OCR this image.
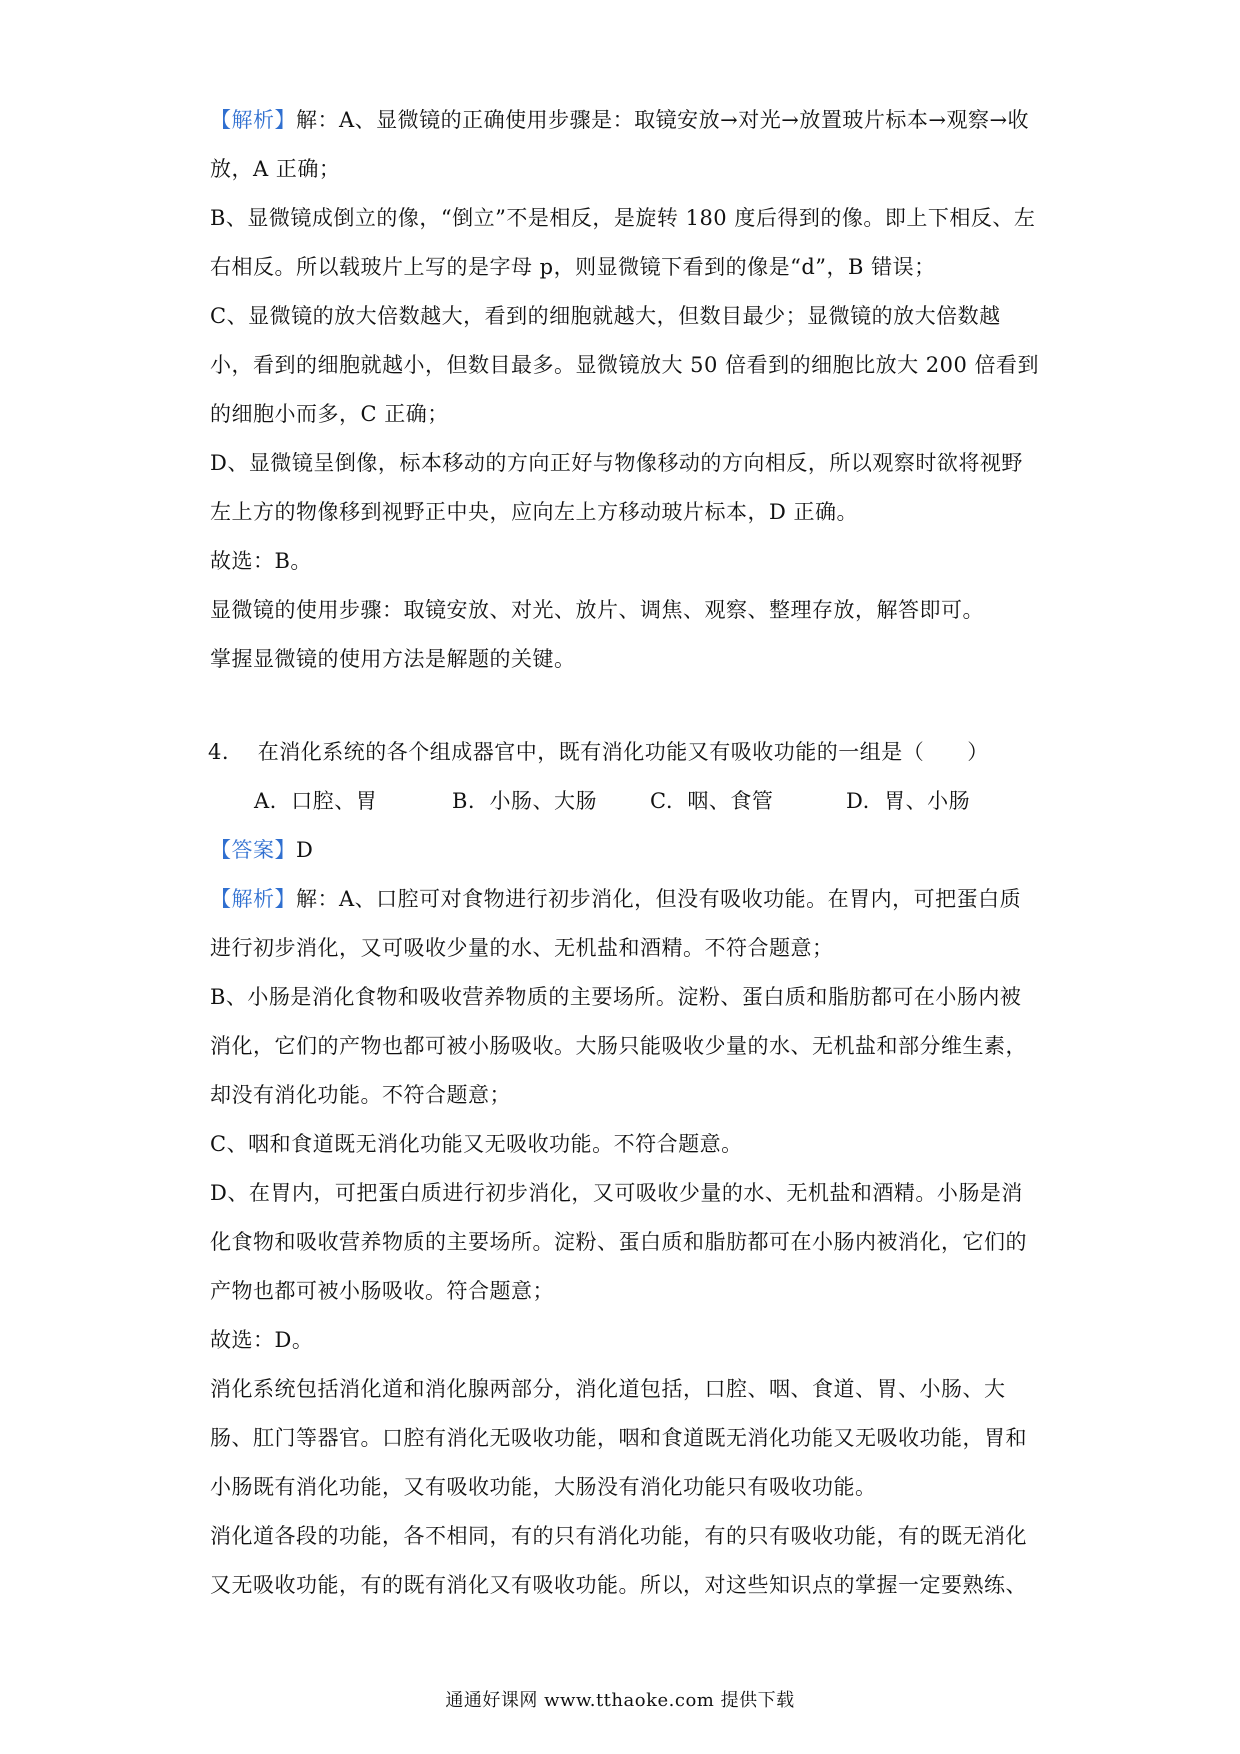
【解析】解：A、显微镜的正确使用步骤是：取镜安放→对光→放置玻片标本→观察→收放，A 正确；

B、显微镜成倒立的像，“倒立”不是相反，是旋转 180 度后得到的像。即上下相反、左右相反。所以载玻片上写的是字母 p，则显微镜下看到的像是“d”，B 错误；

C、显微镜的放大倍数越大，看到的细胞就越大，但数目最少；显微镜的放大倍数越小，看到的细胞就越小，但数目最多。显微镜放大 50 倍看到的细胞比放大 200 倍看到的细胞小而多，C 正确；

D、显微镜呈倒像，标本移动的方向正好与物像移动的方向相反，所以观察时欲将视野左上方的物像移到视野正中央，应向左上方移动玻片标本，D 正确。

故选：B。

显微镜的使用步骤：取镜安放、对光、放片、调焦、观察、整理存放，解答即可。

掌握显微镜的使用方法是解题的关键。

4. 在消化系统的各个组成器官中，既有消化功能又有吸收功能的一组是（　　）

A. 口腔、胃	B. 小肠、大肠	C. 咽、食管	D. 胃、小肠

【答案】D

【解析】解：A、口腔可对食物进行初步消化，但没有吸收功能。在胃内，可把蛋白质进行初步消化，又可吸收少量的水、无机盐和酒精。不符合题意；

B、小肠是消化食物和吸收营养物质的主要场所。淀粉、蛋白质和脂肪都可在小肠内被消化，它们的产物也都可被小肠吸收。大肠只能吸收少量的水、无机盐和部分维生素，却没有消化功能。不符合题意；

C、咽和食道既无消化功能又无吸收功能。不符合题意。

D、在胃内，可把蛋白质进行初步消化，又可吸收少量的水、无机盐和酒精。小肠是消化食物和吸收营养物质的主要场所。淀粉、蛋白质和脂肪都可在小肠内被消化，它们的产物也都可被小肠吸收。符合题意；

故选：D。

消化系统包括消化道和消化腺两部分，消化道包括，口腔、咽、食道、胃、小肠、大肠、肛门等器官。口腔有消化无吸收功能，咽和食道既无消化功能又无吸收功能，胃和小肠既有消化功能，又有吸收功能，大肠没有消化功能只有吸收功能。

消化道各段的功能，各不相同，有的只有消化功能，有的只有吸收功能，有的既无消化又无吸收功能，有的既有消化又有吸收功能。所以，对这些知识点的掌握一定要熟练、

通通好课网 www.tthaoke.com 提供下载
